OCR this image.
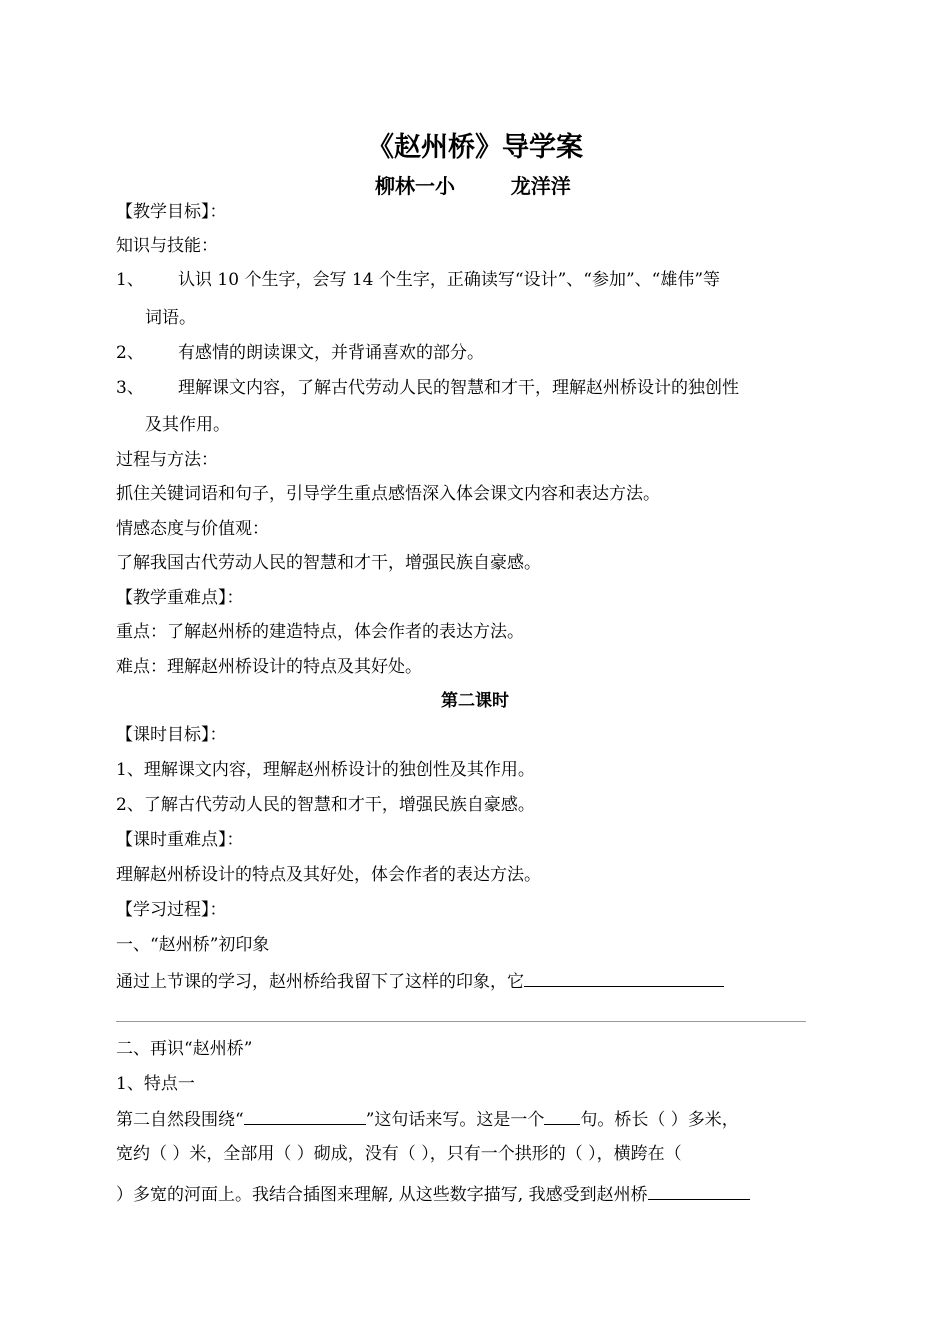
《赵州桥》导学案
柳林一小        龙洋洋
【教学目标】：
知识与技能：
1、 认识 10 个生字，会写 14 个生字，正确读写“设计”、“参加”、“雄伟”等
词语。
2、 有感情的朗读课文，并背诵喜欢的部分。
3、 理解课文内容，了解古代劳动人民的智慧和才干，理解赵州桥设计的独创性
及其作用。
过程与方法：
抓住关键词语和句子，引导学生重点感悟深入体会课文内容和表达方法。
情感态度与价值观：
了解我国古代劳动人民的智慧和才干，增强民族自豪感。
【教学重难点】：
重点：了解赵州桥的建造特点，体会作者的表达方法。
难点：理解赵州桥设计的特点及其好处。
第二课时
【课时目标】：
1、理解课文内容，理解赵州桥设计的独创性及其作用。
2、了解古代劳动人民的智慧和才干，增强民族自豪感。
【课时重难点】：
理解赵州桥设计的特点及其好处，体会作者的表达方法。
【学习过程】：
一、“赵州桥”初印象
通过上节课的学习，赵州桥给我留下了这样的印象，它
二、再识“赵州桥”
1、特点一
第二自然段围绕“	”这句话来写。这是一个 句。桥长（ ）多米，
宽约（ ）米，全部用（ ）砌成，没有（ ），只有一个拱形的（ ），横跨在（
）多宽的河面上。我结合插图来理解, 从这些数字描写, 我感受到赵州桥
